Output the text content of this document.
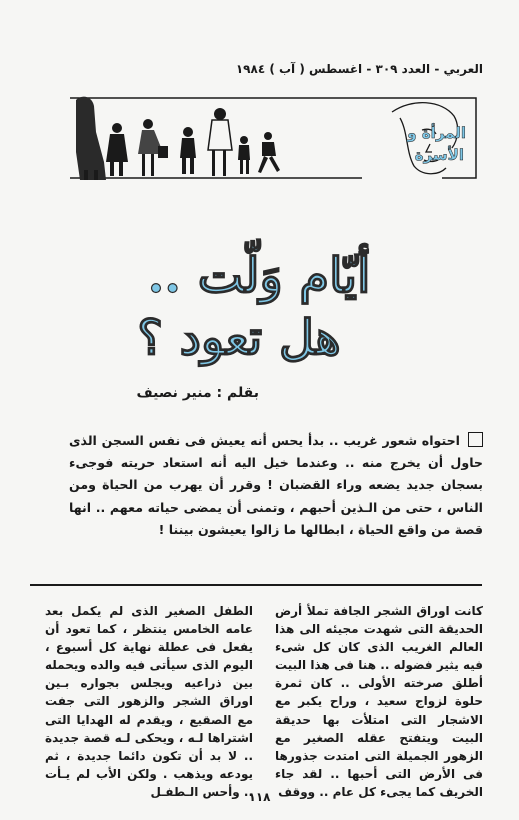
العربي - العدد ٣٠٩ - اغسطس ( آب ) ١٩٨٤
المرأة و
الأسرة
أيّام وَلّت ..
هل تعود ؟
بقلم : منير نصيف
احتواه شعور غريب .. بدأ يحس أنه يعيش فى نفس السجن الذى حاول أن يخرج منه .. وعندما خيل اليه أنه استعاد حريته فوجىء بسجان جديد يضعه وراء القضبان ! وقرر أن يهرب من الحياة ومن الناس ، حتى من الـذين أحبهم ، وتمنى أن يمضى حياته معهم .. انها قصة من واقع الحياة ، ابطالها ما زالوا يعيشون بيننا !
كانت اوراق الشجر الجافة تملأ أرض الحديقة التى شهدت مجيئه الى هذا العالم الغريب الذى كان كل شىء فيه يثير فضوله .. هنا فى هذا البيت أطلق صرخته الأولى .. كان ثمرة حلوة لزواج سعيد ، وراح يكبر مع الاشجار التى امتلأت بها حديقة البيت ويتفتح عقله الصغير مع الزهور الجميلة التى امتدت جذورها فى الأرض التى أحبها .. لقد جاء الخريف كما يجىء كل عام .. ووقف
الطفل الصغير الذى لم يكمل بعد عامه الخامس ينتظر ، كما تعود أن يفعل فى عطلة نهاية كل أسبوع ، اليوم الذى سيأتى فيه والده ويحمله بين ذراعيه ويجلس بجواره بـين اوراق الشجر والزهور التى جفت مع الصقيع ، ويقدم له الهدايا التى اشتراها لـه ، ويحكى لـه قصة جديدة .. لا بد أن تكون دائما جديدة ، ثم يودعه ويذهب . ولكن الأب لم يـأت .. وأحس الـطفـل
١١٨
